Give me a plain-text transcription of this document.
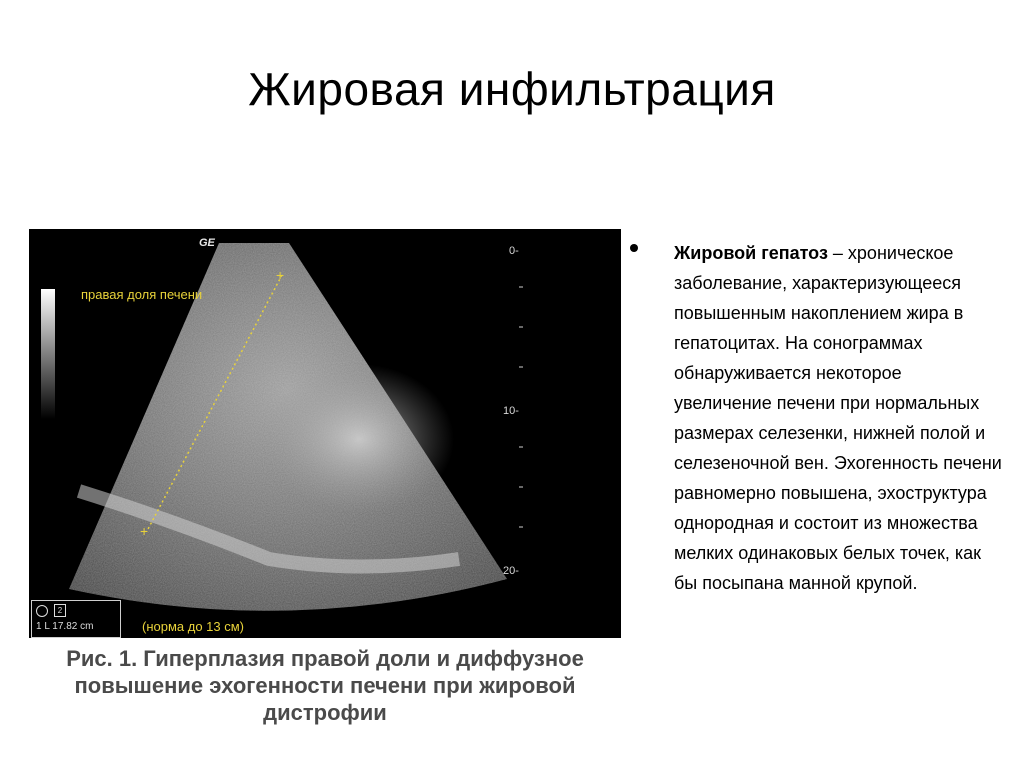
Жировая инфильтрация
+
+
GE
правая доля печени
0-
10-
20-
2
1 L 17.82 cm	(норма до 13 см)
Рис. 1. Гиперплазия правой доли и диффузное повышение эхогенности печени при жировой дистрофии
Жировой гепатоз – хроническое заболевание, характеризующееся повышенным накоплением жира в гепатоцитах. На сонограммах обнаруживается некоторое увеличение печени при нормальных размерах селезенки, нижней полой и селезеночной вен. Эхогенность печени равномерно повышена, эхоструктура однородная и состоит из множества мелких одинаковых белых точек, как бы посыпана манной крупой.
